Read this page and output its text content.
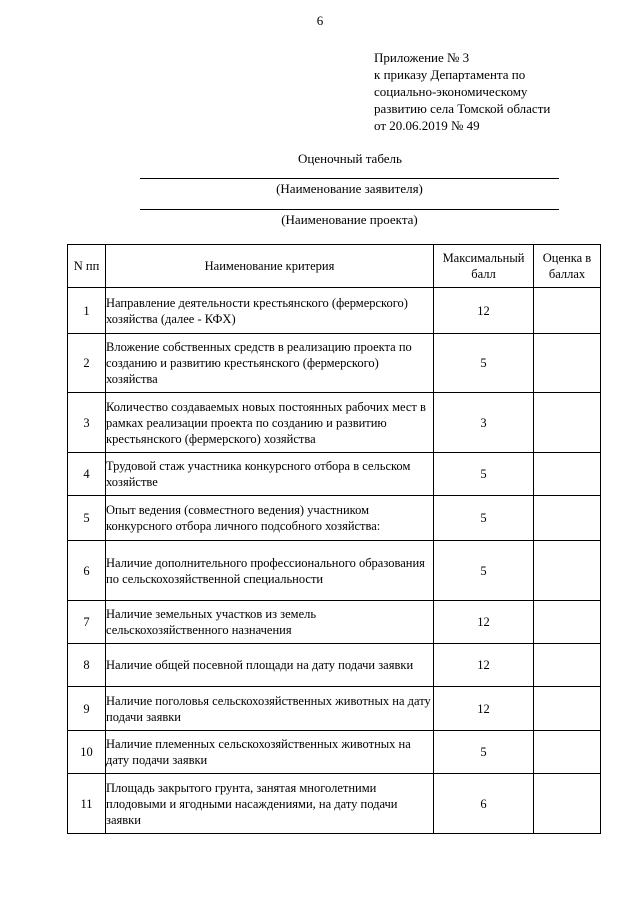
6
Приложение № 3
к приказу Департамента по
социально-экономическому
развитию села Томской области
от 20.06.2019 № 49
Оценочный табель
(Наименование заявителя)
(Наименование проекта)
N пп	Наименование критерия	Максимальный балл	Оценка в баллах
1	Направление деятельности крестьянского (фермерского) хозяйства (далее - КФХ)	12	
2	Вложение собственных средств в реализацию проекта по созданию и развитию крестьянского (фермерского) хозяйства	5	
3	Количество создаваемых новых постоянных рабочих мест в рамках реализации проекта по созданию и развитию крестьянского (фермерского) хозяйства	3	
4	Трудовой стаж участника конкурсного отбора в сельском хозяйстве	5	
5	Опыт ведения (совместного ведения) участником конкурсного отбора личного подсобного хозяйства:	5	
6	Наличие дополнительного профессионального образования по сельскохозяйственной специальности	5	
7	Наличие земельных участков из земель сельскохозяйственного назначения	12	
8	Наличие общей посевной площади на дату подачи заявки	12	
9	Наличие поголовья сельскохозяйственных животных на дату подачи заявки	12	
10	Наличие племенных сельскохозяйственных животных на дату подачи заявки	5	
11	Площадь закрытого грунта, занятая многолетними плодовыми и ягодными насаждениями, на дату подачи заявки	6	
